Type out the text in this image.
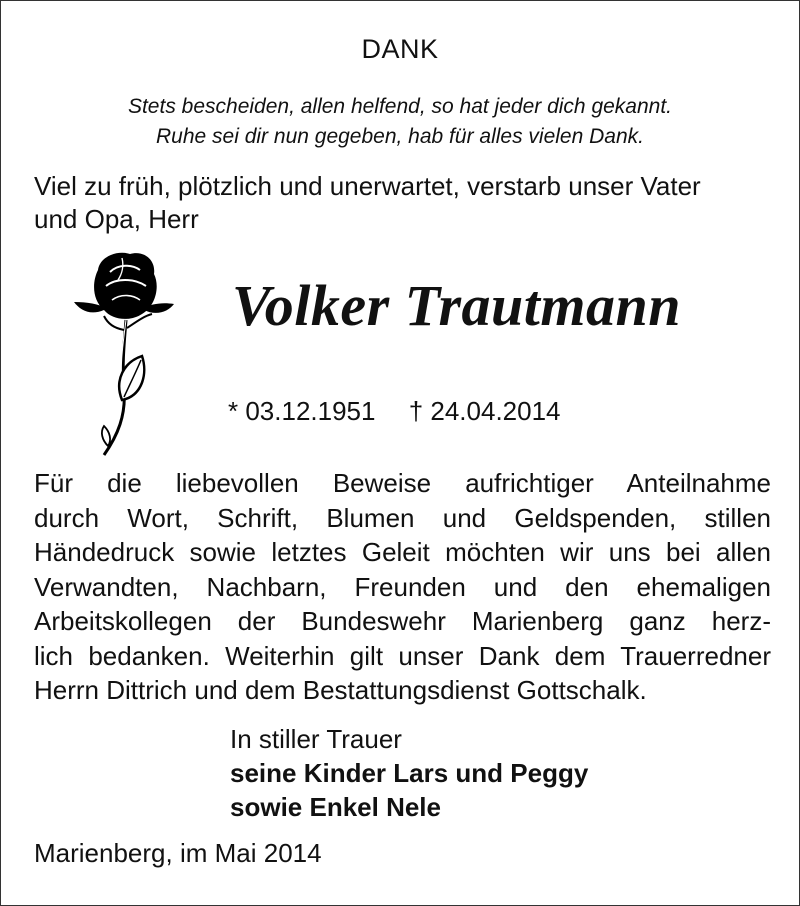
DANK
Stets bescheiden, allen helfend, so hat jeder dich gekannt.
Ruhe sei dir nun gegeben, hab für alles vielen Dank.
Viel zu früh, plötzlich und unerwartet, verstarb unser Vater
und Opa, Herr
Volker Trautmann
* 03.12.1951 † 24.04.2014

Für die liebevollen Beweise aufrichtiger Anteilnahme

durch Wort, Schrift, Blumen und Geldspenden, stillen

Händedruck sowie letztes Geleit möchten wir uns bei allen

Verwandten, Nachbarn, Freunden und den ehemaligen

Arbeitskollegen der Bundeswehr Marienberg ganz herz-

lich bedanken. Weiterhin gilt unser Dank dem Trauerredner

Herrn Dittrich und dem Bestattungsdienst Gottschalk.

In stiller Trauer
seine Kinder Lars und Peggy
sowie Enkel Nele
Marienberg, im Mai 2014
